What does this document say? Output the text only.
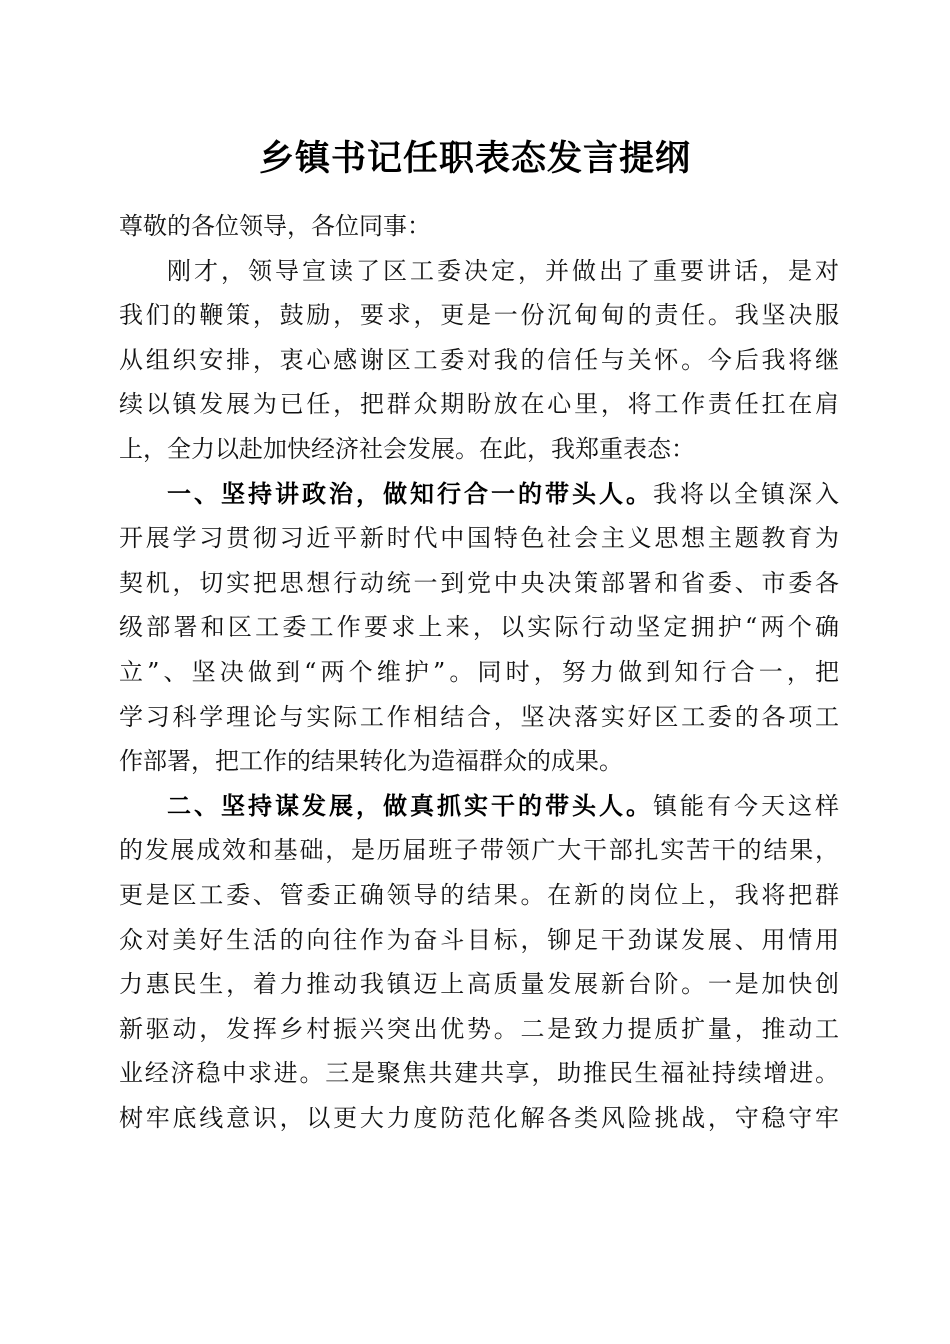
乡镇书记任职表态发言提纲
尊敬的各位领导，各位同事：
刚才，领导宣读了区工委决定，并做出了重要讲话，是对
我们的鞭策，鼓励，要求，更是一份沉甸甸的责任。我坚决服
从组织安排，衷心感谢区工委对我的信任与关怀。今后我将继
续以镇发展为已任，把群众期盼放在心里，将工作责任扛在肩
上，全力以赴加快经济社会发展。在此，我郑重表态：
一、坚持讲政治，做知行合一的带头人。我将以全镇深入
开展学习贯彻习近平新时代中国特色社会主义思想主题教育为
契机，切实把思想行动统一到党中央决策部署和省委、市委各
级部署和区工委工作要求上来，以实际行动坚定拥护“两个确
立”、坚决做到“两个维护”。同时，努力做到知行合一，把
学习科学理论与实际工作相结合，坚决落实好区工委的各项工
作部署，把工作的结果转化为造福群众的成果。
二、坚持谋发展，做真抓实干的带头人。镇能有今天这样
的发展成效和基础，是历届班子带领广大干部扎实苦干的结果，
更是区工委、管委正确领导的结果。在新的岗位上，我将把群
众对美好生活的向往作为奋斗目标，铆足干劲谋发展、用情用
力惠民生，着力推动我镇迈上高质量发展新台阶。一是加快创
新驱动，发挥乡村振兴突出优势。二是致力提质扩量，推动工
业经济稳中求进。三是聚焦共建共享，助推民生福祉持续增进。
树牢底线意识，以更大力度防范化解各类风险挑战，守稳守牢
